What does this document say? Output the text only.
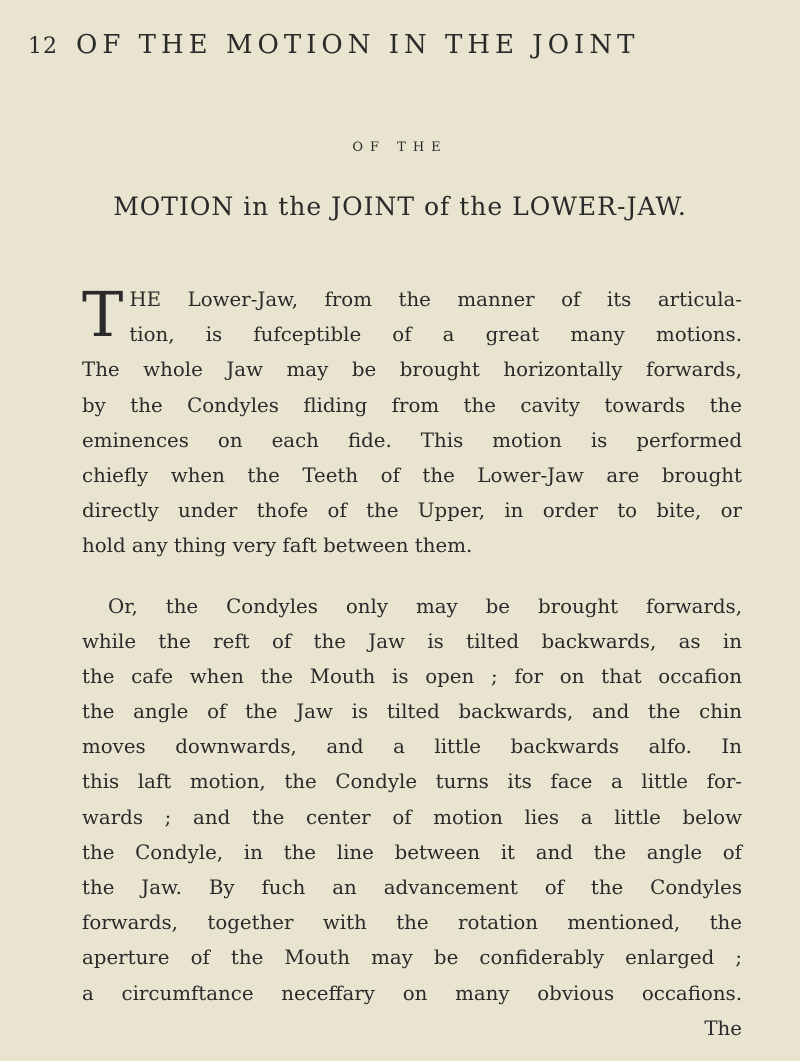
12 OF THE MOTION IN THE JOINT
OF THE
MOTION in the JOINT of the LOWER-JAW.
T HE Lower-Jaw, from the manner of its articula-
tion, is fufceptible of a great many motions.
The whole Jaw may be brought horizontally forwards,
by the Condyles fliding from the cavity towards the
eminences on each fide. This motion is performed
chiefly when the Teeth of the Lower-Jaw are brought
directly under thofe of the Upper, in order to bite, or
hold any thing very faft between them.
Or, the Condyles only may be brought forwards,
while the reft of the Jaw is tilted backwards, as in
the cafe when the Mouth is open ; for on that occafion
the angle of the Jaw is tilted backwards, and the chin
moves downwards, and a little backwards alfo. In
this laft motion, the Condyle turns its face a little for-
wards ; and the center of motion lies a little below
the Condyle, in the line between it and the angle of
the Jaw. By fuch an advancement of the Condyles
forwards, together with the rotation mentioned, the
aperture of the Mouth may be confiderably enlarged ;
a circumftance neceffary on many obvious occafions.
The
